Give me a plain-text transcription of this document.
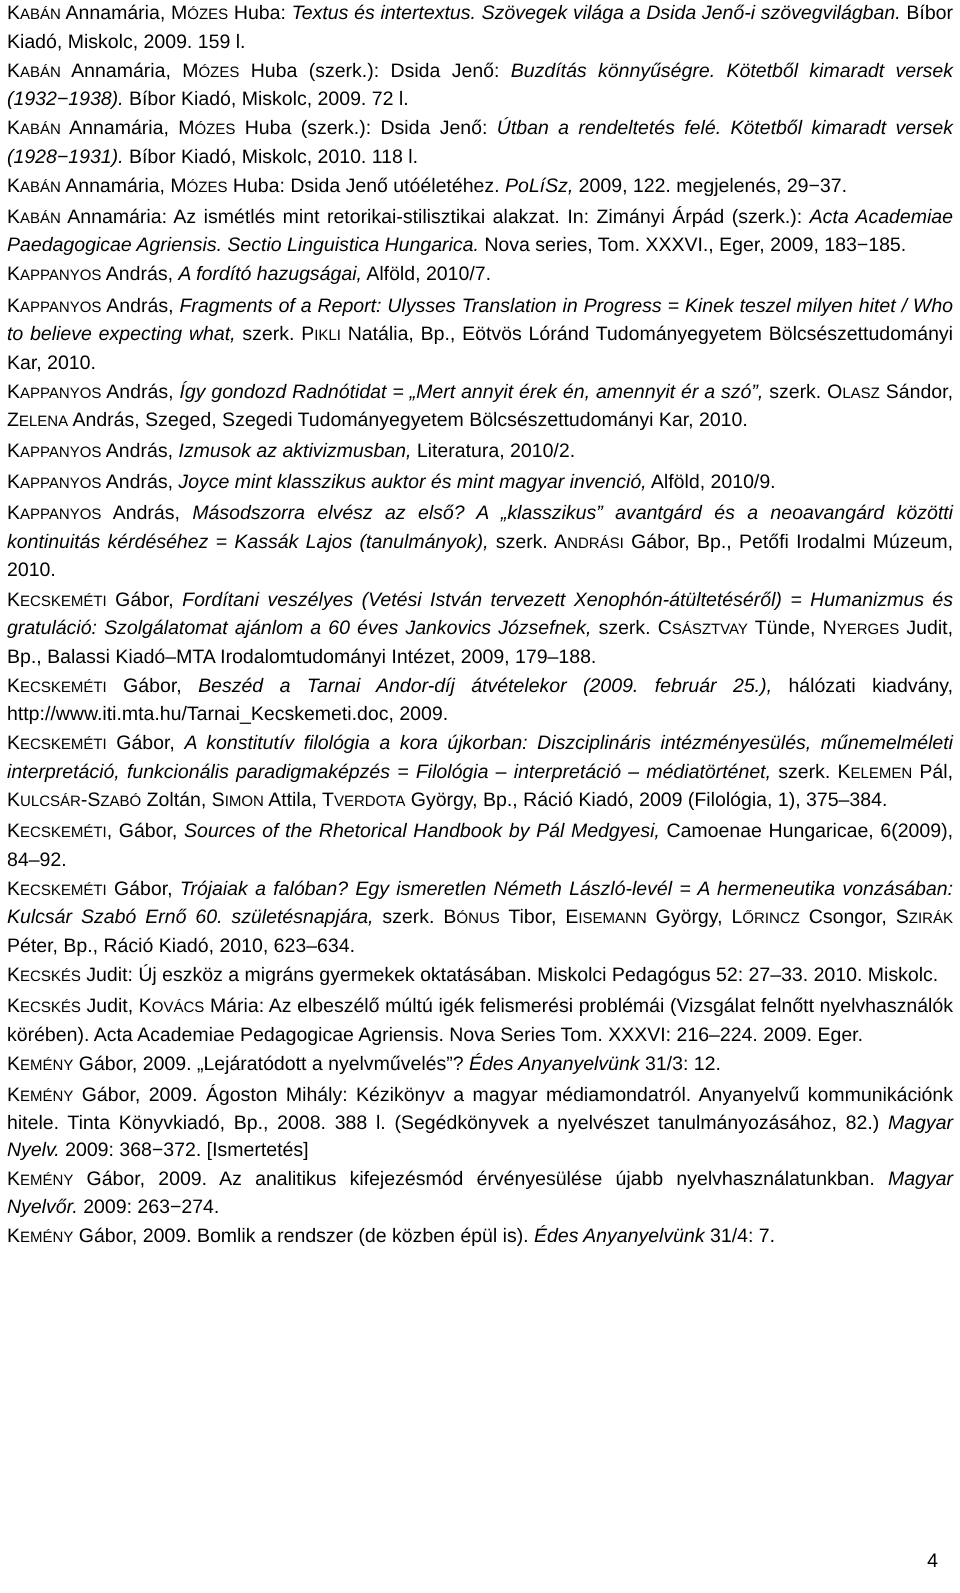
KABÁN Annamária, MÓZES Huba: Textus és intertextus. Szövegek világa a Dsida Jenő-i szövegvilágban. Bíbor Kiadó, Miskolc, 2009. 159 l.

KABÁN Annamária, MÓZES Huba (szerk.): Dsida Jenő: Buzdítás könnyűségre. Kötetből kimaradt versek (1932−1938). Bíbor Kiadó, Miskolc, 2009. 72 l.

KABÁN Annamária, MÓZES Huba (szerk.): Dsida Jenő: Útban a rendeltetés felé. Kötetből kimaradt versek (1928−1931). Bíbor Kiadó, Miskolc, 2010. 118 l.

KABÁN Annamária, MÓZES Huba: Dsida Jenő utóéletéhez. PoLíSz, 2009, 122. megjelenés, 29−37.

KABÁN Annamária: Az ismétlés mint retorikai-stilisztikai alakzat. In: Zimányi Árpád (szerk.): Acta Academiae Paedagogicae Agriensis. Sectio Linguistica Hungarica. Nova series, Tom. XXXVI., Eger, 2009, 183−185.

KAPPANYOS András, A fordító hazugságai, Alföld, 2010/7.

KAPPANYOS András, Fragments of a Report: Ulysses Translation in Progress = Kinek teszel milyen hitet / Who to believe expecting what, szerk. PIKLI Natália, Bp., Eötvös Lóránd Tudományegyetem Bölcsészettudományi Kar, 2010.

KAPPANYOS András, Így gondozd Radnótidat = „Mert annyit érek én, amennyit ér a szó”, szerk. OLASZ Sándor, ZELENA András, Szeged, Szegedi Tudományegyetem Bölcsészettudományi Kar, 2010.

KAPPANYOS András, Izmusok az aktivizmusban, Literatura, 2010/2.

KAPPANYOS András, Joyce mint klasszikus auktor és mint magyar invenció, Alföld, 2010/9.

KAPPANYOS András, Másodszorra elvész az első? A „klasszikus” avantgárd és a neoavangárd közötti kontinuitás kérdéséhez = Kassák Lajos (tanulmányok), szerk. ANDRÁSI Gábor, Bp., Petőfi Irodalmi Múzeum, 2010.

KECSKEMÉTI Gábor, Fordítani veszélyes (Vetési István tervezett Xenophón-átültetéséről) = Humanizmus és gratuláció: Szolgálatomat ajánlom a 60 éves Jankovics Józsefnek, szerk. CSÁSZTVAY Tünde, NYERGES Judit, Bp., Balassi Kiadó–MTA Irodalomtudományi Intézet, 2009, 179–188.

KECSKEMÉTI Gábor, Beszéd a Tarnai Andor-díj átvételekor (2009. február 25.), hálózati kiadvány, http://www.iti.mta.hu/Tarnai_Kecskemeti.doc, 2009.

KECSKEMÉTI Gábor, A konstitutív filológia a kora újkorban: Diszciplináris intézményesülés, műnemelméleti interpretáció, funkcionális paradigmaképzés = Filológia – interpretáció – médiatörténet, szerk. KELEMEN Pál, KULCSÁR-SZABÓ Zoltán, SIMON Attila, TVERDOTA György, Bp., Ráció Kiadó, 2009 (Filológia, 1), 375–384.

KECSKEMÉTI, Gábor, Sources of the Rhetorical Handbook by Pál Medgyesi, Camoenae Hungaricae, 6(2009), 84–92.

KECSKEMÉTI Gábor, Trójaiak a falóban? Egy ismeretlen Németh László-levél = A hermeneutika vonzásában: Kulcsár Szabó Ernő 60. születésnapjára, szerk. BÓNUS Tibor, EISEMANN György, LŐRINCZ Csongor, SZIRÁK Péter, Bp., Ráció Kiadó, 2010, 623–634.

KECSKÉS Judit: Új eszköz a migráns gyermekek oktatásában. Miskolci Pedagógus 52: 27–33. 2010. Miskolc.

KECSKÉS Judit, KOVÁCS Mária: Az elbeszélő múltú igék felismerési problémái (Vizsgálat felnőtt nyelvhasználók körében). Acta Academiae Pedagogicae Agriensis. Nova Series Tom. XXXVI: 216–224. 2009. Eger.

KEMÉNY Gábor, 2009. „Lejáratódott a nyelvművelés”? Édes Anyanyelvünk 31/3: 12.

KEMÉNY Gábor, 2009. Ágoston Mihály: Kézikönyv a magyar médiamondatról. Anyanyelvű kommunikációnk hitele. Tinta Könyvkiadó, Bp., 2008. 388 l. (Segédkönyvek a nyelvészet tanulmányozásához, 82.) Magyar Nyelv. 2009: 368−372. [Ismertetés]

KEMÉNY Gábor, 2009. Az analitikus kifejezésmód érvényesülése újabb nyelvhasználatunkban. Magyar Nyelvőr. 2009: 263−274.

KEMÉNY Gábor, 2009. Bomlik a rendszer (de közben épül is). Édes Anyanyelvünk 31/4: 7.

4
